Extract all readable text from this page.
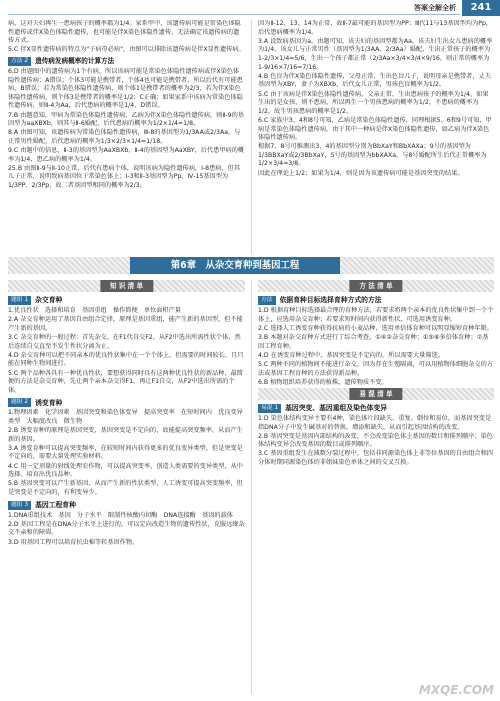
答案全解全析	241

病，这对夫妇再生一患病孩子的概率都为1/4。家系甲中，该遗传病可能是常染色体隐性遗传或伴X染色体隐性遗传，也可能是伴X染色体隐性遗传，无法确定该遗传病的遗传方式。

5.C 伴X显性遗传病的特点为"子病母必病"，由图可以排除该遗传病是伴X显性遗传病。

方法 2	遗传病发病概率的计算方法

6.D 由题图中的遗传病为1个有病，所以该病可能是常染色体隐性遗传病或伴X染色体隐性遗传病；A错误；个体3可能是携带者，个体4也可能是携带者，所以后代有可能患病，B错误；若为常染色体隐性遗传病，则个体1是携带者的概率为2/3，若为伴X染色体隐性遗传病，则个体3是携带者的概率是1/2；C正确；如果家系中该病为常染色体隐性遗传病，则Ⅱ-4为Aa，后代患病的概率是1/4，D错误。

7.B 由题意知，甲病为常染色体隐性遗传病，乙病为伴X染色体隐性遗传病，则Ⅱ-9的基因型为aaXBXb，则其与Ⅱ-6婚配，后代患病的概率为1/2×1/4=1/8。

8.A 由图可知，该遗传病为常染色体隐性遗传病，Ⅲ-8的基因型为1/3AA或2/3Aa，与正常男性婚配，后代患病的概率为1/3×2/3×1/4=1/18。

9.C 由题中的信息，Ⅱ-3的基因型为AaXBXb，Ⅱ-4的基因型为AaXBY，后代患甲病的概率为1/4，患乙病的概率为1/4。

25.B 由图Ⅱ-9与Ⅱ-10正常，后代有患病个体，说明该病为隐性遗传病，Ⅰ-8患病，但其儿子正常，说明致病基因位于常染色体上；Ⅰ-3和Ⅱ-3基因型为Pp，Ⅳ-15基因型为1/3PP、2/3Pp，故二者基因型相同的概率为2/3。

因为Ⅱ-12、13、14为正常，故Ⅱ-7最可能的基因型为PP；Ⅲ代11与13基因型均为Pp，后代患病概率为1/4。

3.A 设致病基因为a，由题可知，该夫妇的基因型都为Aa，该夫妇生出女儿患病的概率为1/4，该女儿与正常男性（基因型为1/3AA、2/3Aa）婚配，生出正常孩子的概率为1-2/3×1/4=5/6，生出一个孩子都正常（2/3Aa×3/4×3/4×9/16，则正常的概率为1-9/16×7/16=7/16。

4.B 色盲为伴X染色体隐性遗传，父母正常，生出色盲儿子，说明母亲是携带者，丈夫基因型为XBY，妻子为XBXb，后代女儿正常，男孩色盲概率为1/2。

5.C 由于该病是伴X染色体隐性遗传病，父亲正常，生出患病孩子的概率为1/4，如果生出的是女孩，则不患病，所以再生一个男孩患病的概率为1/2，不患病的概率为1/2，故生男孩患病的概率是1/2。

6.C 家族中3、4和8号可知，乙病是常染色体隐性遗传，同理根据5、6和9号可知，甲病是常染色体隐性遗传病，由于其中一种病是伴X染色体隐性遗传，如乙病为伴X染色体隐性遗传病。

根据7、8号可推测出3、4的基因型分别为BbXaY和BbXAXa；9号的基因型为1/3BBXaY或2/3BbXaY，5号的基因型为bbXAXa，与8号婚配所生后代正常概率为1/2×3/4=3/8。

因此在理论上1/2；如果为1/4，则是因为该遗传病可能是基因突变的结果。

第6章　从杂交育种到基因工程
知 识 清 单
题组 1	杂交育种

1.优良性状　选择和培育　基因重组　操作简便　单位面积产量

2.A 杂交育种运用了基因自由组合定律，原理是基因重组，能产生新的基因型，但不能产生新的基因。

3.C 杂交育种的一般过程：首先杂交，在F1代自交F2，从F2中选出所需性状个体，然后连续自交直至不发生性状分离为止。

4.D 杂交育种可以把不同亲本的优良性状集中在一个个体上，但需要的时间较长，且只能在同种生物间进行。

5.C 两个品种各具有一种优良性状，要想获得同时具有这两种优良性状的新品种，最简便的方法是杂交育种，先让两个亲本杂交得F1，再让F1自交，从F2中选出所需的个体。

题组 2	诱变育种

1.物理因素　化学因素　基因突变和染色体变异　提高突变率　在短时间内　优良变异类型　大幅度改良　微生物

2.B 诱变育种的原理是基因突变，基因突变是不定向的，故能提高突变频率，从而产生新的基因。

3.A 诱变育种可以提高突变频率，在较短时间内获得更多的优良变异类型，但是突变是不定向的，需要大量处理实验材料。

4.C 用一定剂量的射线处理农作物，可以提高突变率，创造人类需要的变异类型，从中选择、培育出优良品种。

5.B 基因突变可以产生新基因，从而产生新的性状类型，人工诱变可提高突变频率，但是突变是不定向的，有利变异少。

题组 3	基因工程育种

1.DNA重组技术　基因　分子水平　限制性核酸内切酶　DNA连接酶　基因的载体

2.D 基因工程是在DNA分子水平上进行的，可以定向改造生物的遗传性状，克服远缘杂交不亲和的障碍。

3.D 用基因工程可以培育抗虫棉等转基因作物。

方 法 清 单
方法	依据育种目标选择育种方式的方法

1.D 根据育种目标选择最合理的育种方法，若要求将两个亲本的优良性状集中到一个个体上，应选用杂交育种；若要求短时间内获得新性状，可选用诱变育种。

2.C 选择人工诱变育种获得抗病的小麦品种，选用单倍体育种可以明显缩短育种年限。

3.B 本题对杂交育种方式进行了综合考查。①④②杂交育种；①⑤⑥多倍体育种；⑦基因工程育种。

4.D 在诱变育种过程中，基因突变是不定向的，所以需要大量筛选。

5.C 两种不同的植物间不能进行杂交，因为存在生殖隔离，可以用植物体细胞杂交的方法或基因工程育种的方法获得新品种。

6.B 植物组织培养获得的植株，遗传物质不变。

易 混 清 单
易混 1	基因突变、基因重组及染色体变异

1.D 染色体结构变异主要有4种，染色体片段缺失、重复、倒位和易位，而基因突变是指DNA分子中发生碱基对的替换、增添和缺失，从而引起基因结构的改变。

2.B 基因突变是基因内部结构的改变，不会改变染色体上基因的数目和排列顺序；染色体结构变异会改变基因的数目或排列顺序。

3.C 基因重组发生在减数分裂过程中，包括非同源染色体上非等位基因的自由组合和四分体时期同源染色体的非姐妹染色单体之间的交叉互换。

MXQE.COM
